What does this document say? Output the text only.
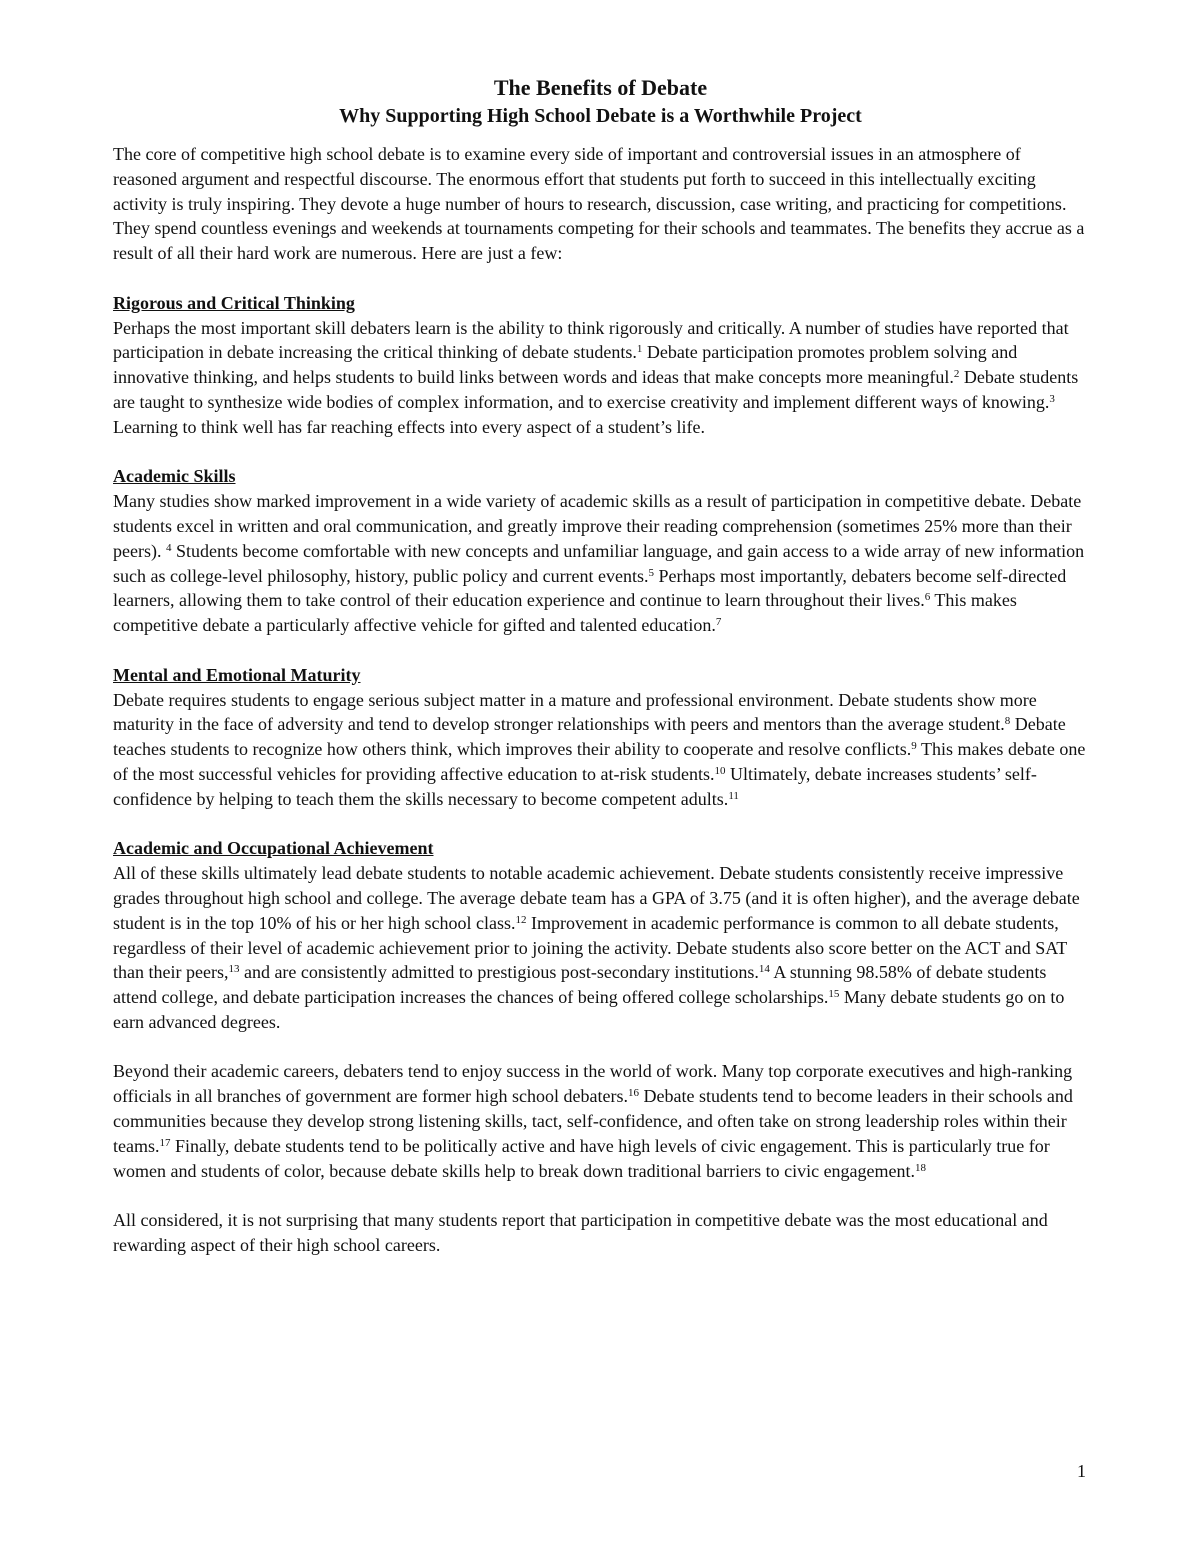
The Benefits of Debate
Why Supporting High School Debate is a Worthwhile Project

The core of competitive high school debate is to examine every side of important and controversial issues in an atmosphere of reasoned argument and respectful discourse. The enormous effort that students put forth to succeed in this intellectually exciting activity is truly inspiring. They devote a huge number of hours to research, discussion, case writing, and practicing for competitions. They spend countless evenings and weekends at tournaments competing for their schools and teammates. The benefits they accrue as a result of all their hard work are numerous. Here are just a few:

Rigorous and Critical Thinking

Perhaps the most important skill debaters learn is the ability to think rigorously and critically. A number of studies have reported that participation in debate increasing the critical thinking of debate students.$^1$ Debate participation promotes problem solving and innovative thinking, and helps students to build links between words and ideas that make concepts more meaningful.$^2$ Debate students are taught to synthesize wide bodies of complex information, and to exercise creativity and implement different ways of knowing.$^3$ Learning to think well has far reaching effects into every aspect of a student’s life.

Academic Skills

Many studies show marked improvement in a wide variety of academic skills as a result of participation in competitive debate. Debate students excel in written and oral communication, and greatly improve their reading comprehension (sometimes 25% more than their peers). $^4$ Students become comfortable with new concepts and unfamiliar language, and gain access to a wide array of new information such as college-level philosophy, history, public policy and current events.$^5$ Perhaps most importantly, debaters become self-directed learners, allowing them to take control of their education experience and continue to learn throughout their lives.$^6$ This makes competitive debate a particularly affective vehicle for gifted and talented education.$^7$

Mental and Emotional Maturity

Debate requires students to engage serious subject matter in a mature and professional environment. Debate students show more maturity in the face of adversity and tend to develop stronger relationships with peers and mentors than the average student.$^8$ Debate teaches students to recognize how others think, which improves their ability to cooperate and resolve conflicts.$^9$ This makes debate one of the most successful vehicles for providing affective education to at-risk students.$^{10}$ Ultimately, debate increases students’ self-confidence by helping to teach them the skills necessary to become competent adults.$^{11}$

Academic and Occupational Achievement

All of these skills ultimately lead debate students to notable academic achievement. Debate students consistently receive impressive grades throughout high school and college. The average debate team has a GPA of 3.75 (and it is often higher), and the average debate student is in the top 10% of his or her high school class.$^{12}$ Improvement in academic performance is common to all debate students, regardless of their level of academic achievement prior to joining the activity. Debate students also score better on the ACT and SAT than their peers,$^{13}$ and are consistently admitted to prestigious post-secondary institutions.$^{14}$ A stunning 98.58% of debate students attend college, and debate participation increases the chances of being offered college scholarships.$^{15}$ Many debate students go on to earn advanced degrees.

Beyond their academic careers, debaters tend to enjoy success in the world of work. Many top corporate executives and high-ranking officials in all branches of government are former high school debaters.$^{16}$ Debate students tend to become leaders in their schools and communities because they develop strong listening skills, tact, self-confidence, and often take on strong leadership roles within their teams.$^{17}$ Finally, debate students tend to be politically active and have high levels of civic engagement. This is particularly true for women and students of color, because debate skills help to break down traditional barriers to civic engagement.$^{18}$

All considered, it is not surprising that many students report that participation in competitive debate was the most educational and rewarding aspect of their high school careers.

1
